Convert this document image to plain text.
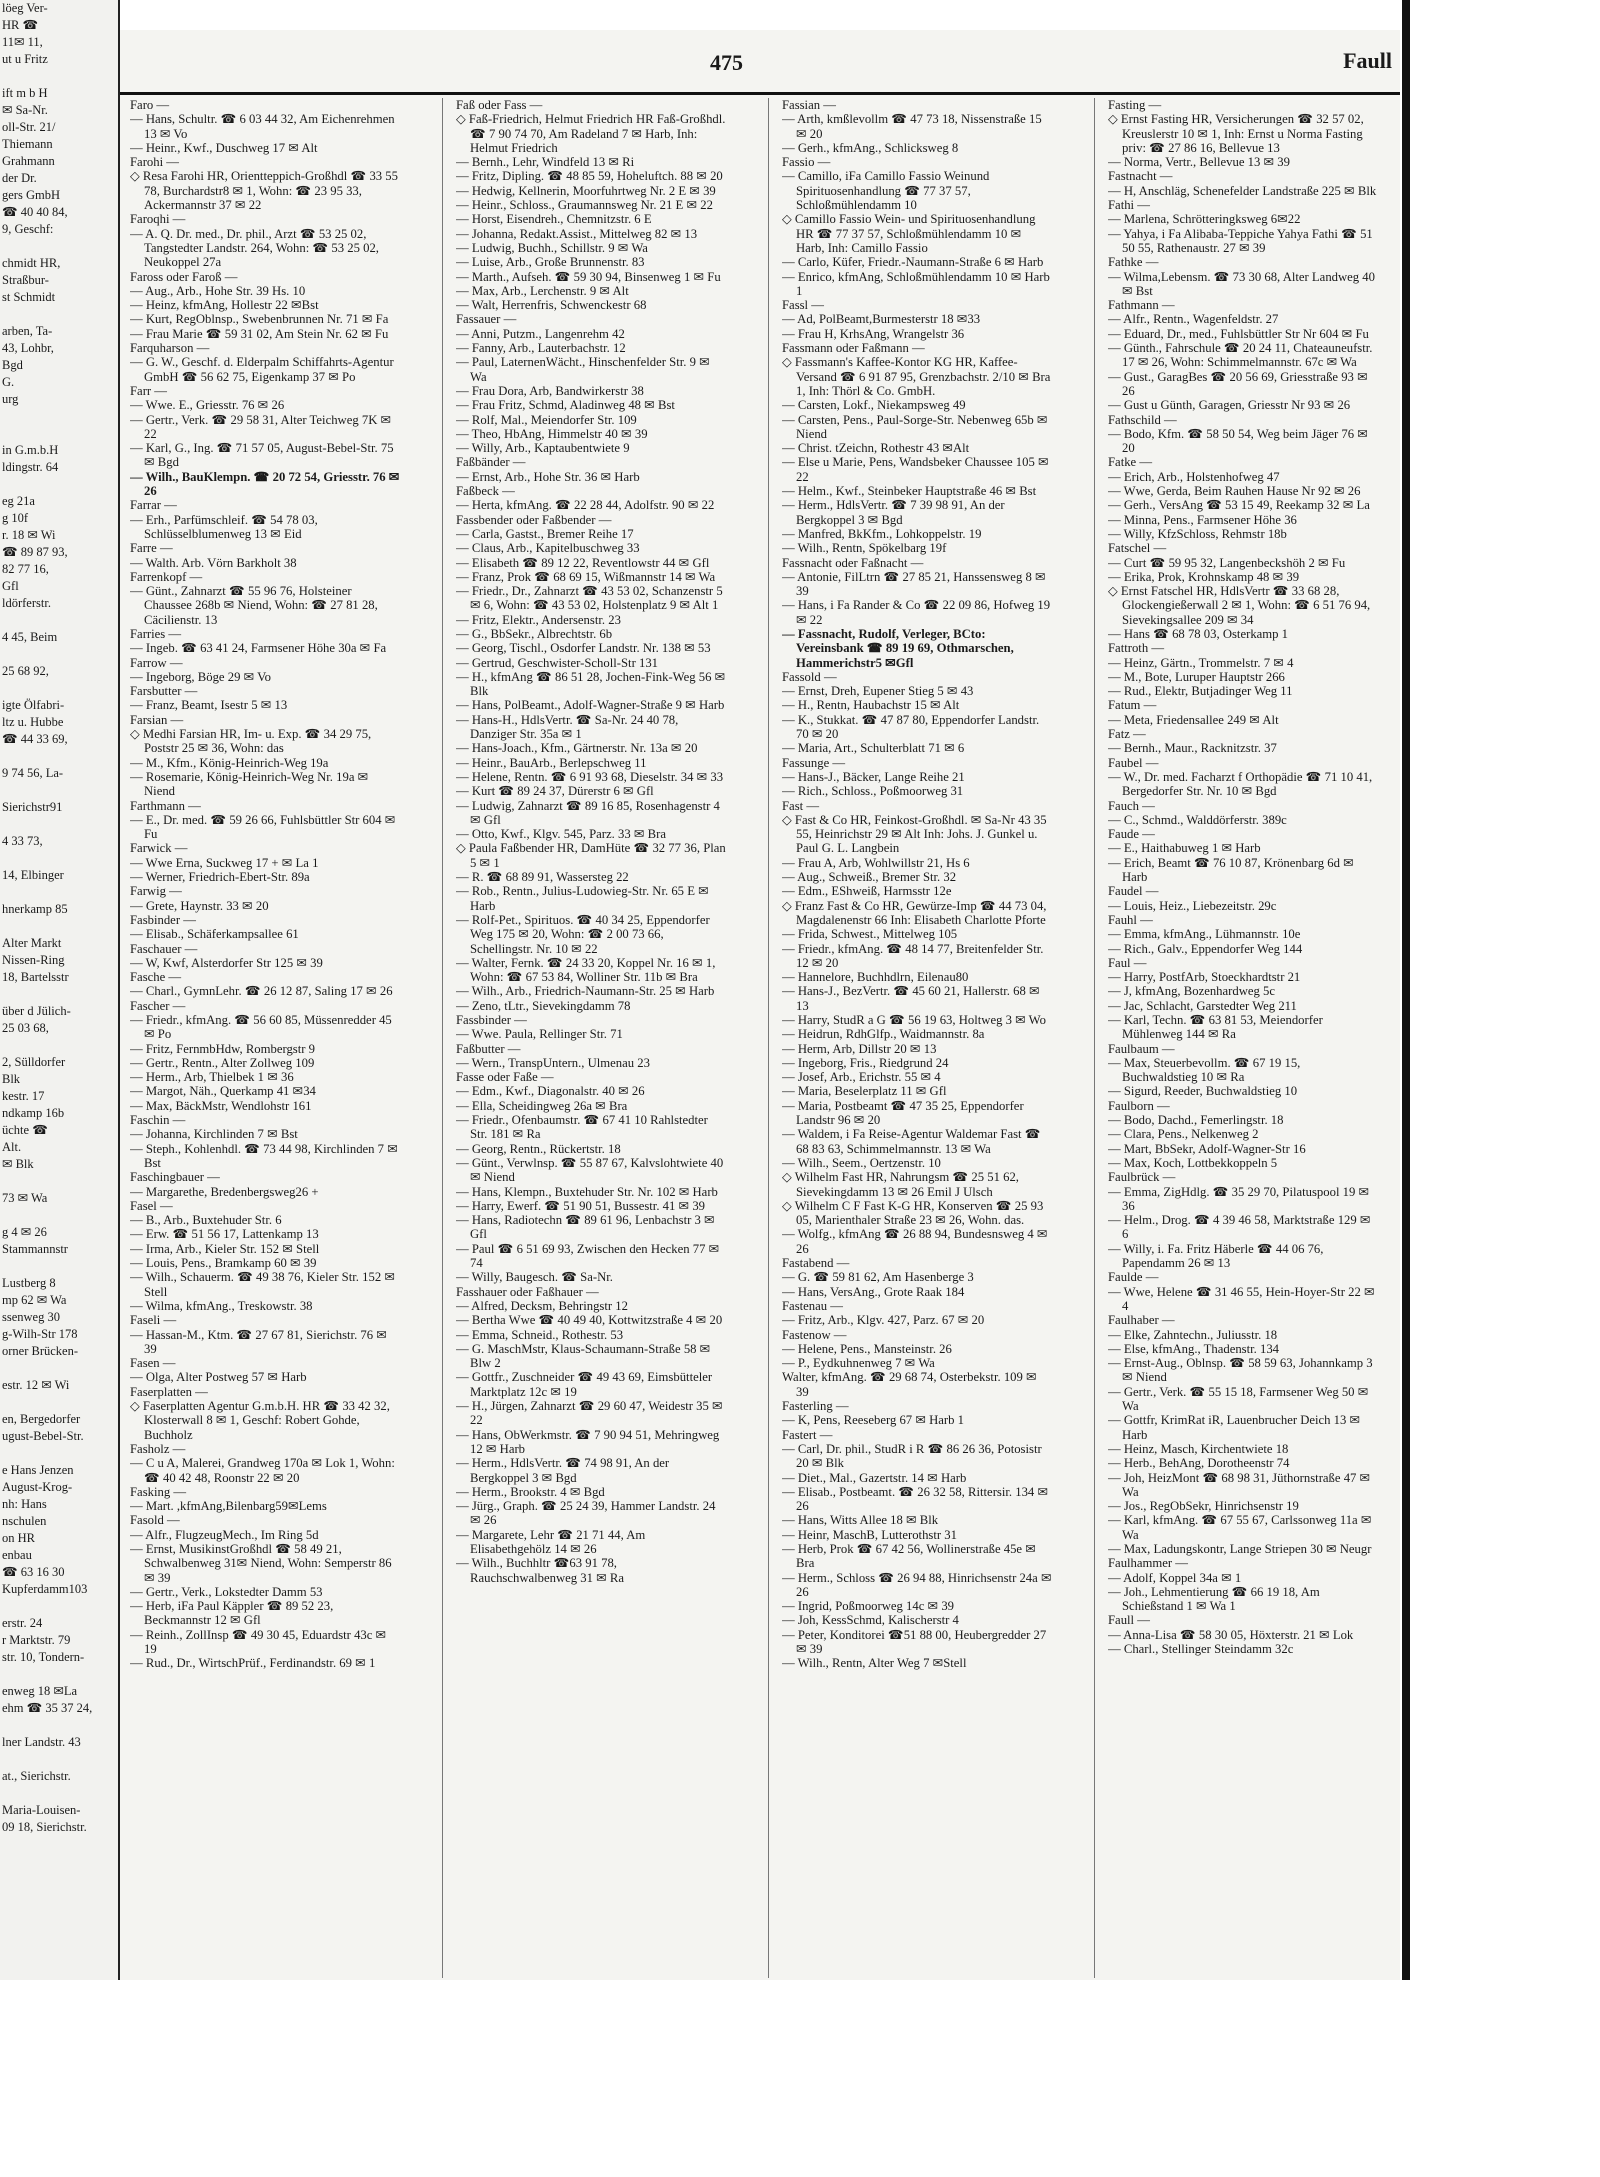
löeg Ver-
HR ☎
11✉ 11,
ut u Fritz

ift m b H
✉ Sa-Nr.
oll-Str. 21/
Thiemann
Grahmann
der Dr.
gers GmbH
☎ 40 40 84,
9, Geschf:

chmidt HR,
Straßbur-
st Schmidt

arben, Ta-
43, Lohbr,
Bgd
G.
urg

in G.m.b.H
ldingstr. 64

eg 21a
g 10f
r. 18 ✉ Wi
☎ 89 87 93,
82 77 16,
Gfl
ldörferstr.

4 45, Beim

25 68 92,

igte Ölfabri-
ltz u. Hubbe
☎ 44 33 69,

9 74 56, La-

Sierichstr91

4 33 73,

14, Elbinger

hnerkamp 85

Alter Markt
Nissen-Ring
18, Bartelsstr

über d Jülich-
25 03 68,

2, Sülldorfer
Blk
kestr. 17
ndkamp 16b
üchte ☎
Alt.
✉ Blk

73 ✉ Wa

g 4 ✉ 26
Stammannstr

Lustberg 8
mp 62 ✉ Wa
ssenweg 30
g-Wilh-Str 178
orner Brücken-

estr. 12 ✉ Wi

en, Bergedorfer
ugust-Bebel-Str.

e Hans Jenzen
August-Krog-
nh: Hans
nschulen
on HR
enbau
☎ 63 16 30
Kupferdamm103

erstr. 24
r Marktstr. 79
str. 10, Tondern-

enweg 18 ✉La
ehm ☎ 35 37 24,

lner Landstr. 43

at., Sierichstr.

Maria-Louisen-
09 18, Sierichstr.
475	Faull
Faro —
— Hans, Schultr. ☎ 6 03 44 32, Am Eichenrehmen 13 ✉ Vo
— Heinr., Kwf., Duschweg 17 ✉ Alt
Farohi —
◇ Resa Farohi HR, Orientteppich-Großhdl ☎ 33 55 78, Burchardstr8 ✉ 1, Wohn: ☎ 23 95 33, Ackermannstr 37 ✉ 22
Faroqhi —
— A. Q. Dr. med., Dr. phil., Arzt ☎ 53 25 02, Tangstedter Landstr. 264, Wohn: ☎ 53 25 02, Neukoppel 27a
Faross oder Faroß —
— Aug., Arb., Hohe Str. 39 Hs. 10
— Heinz, kfmAng, Hollestr 22 ✉Bst
— Kurt, RegOblnsp., Swebenbrunnen Nr. 71 ✉ Fa
— Frau Marie ☎ 59 31 02, Am Stein Nr. 62 ✉ Fu
Farquharson —
— G. W., Geschf. d. Elderpalm Schiffahrts-Agentur GmbH ☎ 56 62 75, Eigenkamp 37 ✉ Po
Farr —
— Wwe. E., Griesstr. 76 ✉ 26
— Gertr., Verk. ☎ 29 58 31, Alter Teichweg 7K ✉ 22
— Karl, G., Ing. ☎ 71 57 05, August-Bebel-Str. 75 ✉ Bgd
— Wilh., BauKlempn. ☎ 20 72 54, Griesstr. 76 ✉ 26
Farrar —
— Erh., Parfümschleif. ☎ 54 78 03, Schlüsselblumenweg 13 ✉ Eid
Farre —
— Walth. Arb. Vörn Barkholt 38
Farrenkopf —
— Günt., Zahnarzt ☎ 55 96 76, Holsteiner Chaussee 268b ✉ Niend, Wohn: ☎ 27 81 28, Cäcilienstr. 13
Farries —
— Ingeb. ☎ 63 41 24, Farmsener Höhe 30a ✉ Fa
Farrow —
— Ingeborg, Böge 29 ✉ Vo
Farsbutter —
— Franz, Beamt, Isestr 5 ✉ 13
Farsian —
◇ Medhi Farsian HR, Im- u. Exp. ☎ 34 29 75, Poststr 25 ✉ 36, Wohn: das
— M., Kfm., König-Heinrich-Weg 19a
— Rosemarie, König-Heinrich-Weg Nr. 19a ✉ Niend
Farthmann —
— E., Dr. med. ☎ 59 26 66, Fuhlsbüttler Str 604 ✉ Fu
Farwick —
— Wwe Erna, Suckweg 17 + ✉ La 1
— Werner, Friedrich-Ebert-Str. 89a
Farwig —
— Grete, Haynstr. 33 ✉ 20
Fasbinder —
— Elisab., Schäferkampsallee 61
Faschauer —
— W, Kwf, Alsterdorfer Str 125 ✉ 39
Fasche —
— Charl., GymnLehr. ☎ 26 12 87, Saling 17 ✉ 26
Fascher —
— Friedr., kfmAng. ☎ 56 60 85, Müssenredder 45 ✉ Po
— Fritz, FernmbHdw, Rombergstr 9
— Gertr., Rentn., Alter Zollweg 109
— Herm., Arb, Thielbek 1 ✉ 36
— Margot, Näh., Querkamp 41 ✉34
— Max, BäckMstr, Wendlohstr 161
Faschin —
— Johanna, Kirchlinden 7 ✉ Bst
— Steph., Kohlenhdl. ☎ 73 44 98, Kirchlinden 7 ✉ Bst
Faschingbauer —
— Margarethe, Bredenbergsweg26 +
Fasel —
— B., Arb., Buxtehuder Str. 6
— Erw. ☎ 51 56 17, Lattenkamp 13
— Irma, Arb., Kieler Str. 152 ✉ Stell
— Louis, Pens., Bramkamp 60 ✉ 39
— Wilh., Schauerm. ☎ 49 38 76, Kieler Str. 152 ✉ Stell
— Wilma, kfmAng., Treskowstr. 38
Faseli —
— Hassan-M., Ktm. ☎ 27 67 81, Sierichstr. 76 ✉ 39
Fasen —
— Olga, Alter Postweg 57 ✉ Harb
Faserplatten —
◇ Faserplatten Agentur G.m.b.H. HR ☎ 33 42 32, Klosterwall 8 ✉ 1, Geschf: Robert Gohde, Buchholz
Fasholz —
— C u A, Malerei, Grandweg 170a ✉ Lok 1, Wohn: ☎ 40 42 48, Roonstr 22 ✉ 20
Fasking —
— Mart. ,kfmAng,Bilenbarg59✉Lems
Fasold —
— Alfr., FlugzeugMech., Im Ring 5d
— Ernst, MusikinstGroßhdl ☎ 58 49 21, Schwalbenweg 31✉ Niend, Wohn: Semperstr 86 ✉ 39
— Gertr., Verk., Lokstedter Damm 53
— Herb, iFa Paul Käppler ☎ 89 52 23, Beckmannstr 12 ✉ Gfl
— Reinh., ZollInsp ☎ 49 30 45, Eduardstr 43c ✉ 19
— Rud., Dr., WirtschPrüf., Ferdinandstr. 69 ✉ 1
Faß oder Fass —
◇ Faß-Friedrich, Helmut Friedrich HR Faß-Großhdl. ☎ 7 90 74 70, Am Radeland 7 ✉ Harb, Inh: Helmut Friedrich
— Bernh., Lehr, Windfeld 13 ✉ Ri
— Fritz, Dipling. ☎ 48 85 59, Hoheluftch. 88 ✉ 20
— Hedwig, Kellnerin, Moorfuhrtweg Nr. 2 E ✉ 39
— Heinr., Schloss., Graumannsweg Nr. 21 E ✉ 22
— Horst, Eisendreh., Chemnitzstr. 6 E
— Johanna, Redakt.Assist., Mittelweg 82 ✉ 13
— Ludwig, Buchh., Schillstr. 9 ✉ Wa
— Luise, Arb., Große Brunnenstr. 83
— Marth., Aufseh. ☎ 59 30 94, Binsenweg 1 ✉ Fu
— Max, Arb., Lerchenstr. 9 ✉ Alt
— Walt, Herrenfris, Schwenckestr 68
Fassauer —
— Anni, Putzm., Langenrehm 42
— Fanny, Arb., Lauterbachstr. 12
— Paul, LaternenWächt., Hinschenfelder Str. 9 ✉ Wa
— Frau Dora, Arb, Bandwirkerstr 38
— Frau Fritz, Schmd, Aladinweg 48 ✉ Bst
— Rolf, Mal., Meiendorfer Str. 109
— Theo, HbAng, Himmelstr 40 ✉ 39
— Willy, Arb., Kaptaubentwiete 9
Faßbänder —
— Ernst, Arb., Hohe Str. 36 ✉ Harb
Faßbeck —
— Herta, kfmAng. ☎ 22 28 44, Adolfstr. 90 ✉ 22
Fassbender oder Faßbender —
— Carla, Gastst., Bremer Reihe 17
— Claus, Arb., Kapitelbuschweg 33
— Elisabeth ☎ 89 12 22, Reventlowstr 44 ✉ Gfl
— Franz, Prok ☎ 68 69 15, Wißmannstr 14 ✉ Wa
— Friedr., Dr., Zahnarzt ☎ 43 53 02, Schanzenstr 5 ✉ 6, Wohn: ☎ 43 53 02, Holstenplatz 9 ✉ Alt 1
— Fritz, Elektr., Andersenstr. 23
— G., BbSekr., Albrechtstr. 6b
— Georg, Tischl., Osdorfer Landstr. Nr. 138 ✉ 53
— Gertrud, Geschwister-Scholl-Str 131
— H., kfmAng ☎ 86 51 28, Jochen-Fink-Weg 56 ✉ Blk
— Hans, PolBeamt., Adolf-Wagner-Straße 9 ✉ Harb
— Hans-H., HdlsVertr. ☎ Sa-Nr. 24 40 78, Danziger Str. 35a ✉ 1
— Hans-Joach., Kfm., Gärtnerstr. Nr. 13a ✉ 20
— Heinr., BauArb., Berlepschweg 11
— Helene, Rentn. ☎ 6 91 93 68, Dieselstr. 34 ✉ 33
— Kurt ☎ 89 24 37, Dürerstr 6 ✉ Gfl
— Ludwig, Zahnarzt ☎ 89 16 85, Rosenhagenstr 4 ✉ Gfl
— Otto, Kwf., Klgv. 545, Parz. 33 ✉ Bra
◇ Paula Faßbender HR, DamHüte ☎ 32 77 36, Plan 5 ✉ 1
— R. ☎ 68 89 91, Wassersteg 22
— Rob., Rentn., Julius-Ludowieg-Str. Nr. 65 E ✉ Harb
— Rolf-Pet., Spirituos. ☎ 40 34 25, Eppendorfer Weg 175 ✉ 20, Wohn: ☎ 2 00 73 66, Schellingstr. Nr. 10 ✉ 22
— Walter, Fernk. ☎ 24 33 20, Koppel Nr. 16 ✉ 1, Wohn: ☎ 67 53 84, Wolliner Str. 11b ✉ Bra
— Wilh., Arb., Friedrich-Naumann-Str. 25 ✉ Harb
— Zeno, tLtr., Sievekingdamm 78
Fassbinder —
— Wwe. Paula, Rellinger Str. 71
Faßbutter —
— Wern., TranspUntern., Ulmenau 23
Fasse oder Faße —
— Edm., Kwf., Diagonalstr. 40 ✉ 26
— Ella, Scheidingweg 26a ✉ Bra
— Friedr., Ofenbaumstr. ☎ 67 41 10 Rahlstedter Str. 181 ✉ Ra
— Georg, Rentn., Rückertstr. 18
— Günt., Verwlnsp. ☎ 55 87 67, Kalvslohtwiete 40 ✉ Niend
— Hans, Klempn., Buxtehuder Str. Nr. 102 ✉ Harb
— Harry, Ewerf. ☎ 51 90 51, Bussestr. 41 ✉ 39
— Hans, Radiotechn ☎ 89 61 96, Lenbachstr 3 ✉ Gfl
— Paul ☎ 6 51 69 93, Zwischen den Hecken 77 ✉ 74
— Willy, Baugesch. ☎ Sa-Nr.
Fasshauer oder Faßhauer —
— Alfred, Decksm, Behringstr 12
— Bertha Wwe ☎ 40 49 40, Kottwitzstraße 4 ✉ 20
— Emma, Schneid., Rothestr. 53
— G. MaschMstr, Klaus-Schaumann-Straße 58 ✉ Blw 2
— Gottfr., Zuschneider ☎ 49 43 69, Eimsbütteler Marktplatz 12c ✉ 19
— H., Jürgen, Zahnarzt ☎ 29 60 47, Weidestr 35 ✉ 22
— Hans, ObWerkmstr. ☎ 7 90 94 51, Mehringweg 12 ✉ Harb
— Herm., HdlsVertr. ☎ 74 98 91, An der Bergkoppel 3 ✉ Bgd
— Herm., Brookstr. 4 ✉ Bgd
— Jürg., Graph. ☎ 25 24 39, Hammer Landstr. 24 ✉ 26
— Margarete, Lehr ☎ 21 71 44, Am Elisabethgehölz 14 ✉ 26
— Wilh., Buchhltr ☎63 91 78, Rauchschwalbenweg 31 ✉ Ra
Fassian —
— Arth, kmßlevollm ☎ 47 73 18, Nissenstraße 15 ✉ 20
— Gerh., kfmAng., Schlicksweg 8
Fassio —
— Camillo, iFa Camillo Fassio Weinund Spirituosenhandlung ☎ 77 37 57, Schloßmühlendamm 10
◇ Camillo Fassio Wein- und Spirituosenhandlung HR ☎ 77 37 57, Schloßmühlendamm 10 ✉ Harb, Inh: Camillo Fassio
— Carlo, Küfer, Friedr.-Naumann-Straße 6 ✉ Harb
— Enrico, kfmAng, Schloßmühlendamm 10 ✉ Harb 1
Fassl —
— Ad, PolBeamt,Burmesterstr 18 ✉33
— Frau H, KrhsAng, Wrangelstr 36
Fassmann oder Faßmann —
◇ Fassmann's Kaffee-Kontor KG HR, Kaffee-Versand ☎ 6 91 87 95, Grenzbachstr. 2/10 ✉ Bra 1, Inh: Thörl & Co. GmbH.
— Carsten, Lokf., Niekampsweg 49
— Carsten, Pens., Paul-Sorge-Str. Nebenweg 65b ✉ Niend
— Christ. tZeichn, Rothestr 43 ✉Alt
— Else u Marie, Pens, Wandsbeker Chaussee 105 ✉ 22
— Helm., Kwf., Steinbeker Hauptstraße 46 ✉ Bst
— Herm., HdlsVertr. ☎ 7 39 98 91, An der Bergkoppel 3 ✉ Bgd
— Manfred, BkKfm., Lohkoppelstr. 19
— Wilh., Rentn, Spökelbarg 19f
Fassnacht oder Faßnacht —
— Antonie, FilLtrn ☎ 27 85 21, Hanssensweg 8 ✉ 39
— Hans, i Fa Rander & Co ☎ 22 09 86, Hofweg 19 ✉ 22
— Fassnacht, Rudolf, Verleger, BCto: Vereinsbank ☎ 89 19 69, Othmarschen, Hammerichstr5 ✉Gfl
Fassold —
— Ernst, Dreh, Eupener Stieg 5 ✉ 43
— H., Rentn, Haubachstr 15 ✉ Alt
— K., Stukkat. ☎ 47 87 80, Eppendorfer Landstr. 70 ✉ 20
— Maria, Art., Schulterblatt 71 ✉ 6
Fassunge —
— Hans-J., Bäcker, Lange Reihe 21
— Rich., Schloss., Poßmoorweg 31
Fast —
◇ Fast & Co HR, Feinkost-Großhdl. ✉ Sa-Nr 43 35 55, Heinrichstr 29 ✉ Alt Inh: Johs. J. Gunkel u. Paul G. L. Langbein
— Frau A, Arb, Wohlwillstr 21, Hs 6
— Aug., Schweiß., Bremer Str. 32
— Edm., EShweiß, Harmsstr 12e
◇ Franz Fast & Co HR, Gewürze-Imp ☎ 44 73 04, Magdalenenstr 66 Inh: Elisabeth Charlotte Pforte
— Frida, Schwest., Mittelweg 105
— Friedr., kfmAng. ☎ 48 14 77, Breitenfelder Str. 12 ✉ 20
— Hannelore, Buchhdlrn, Eilenau80
— Hans-J., BezVertr. ☎ 45 60 21, Hallerstr. 68 ✉ 13
— Harry, StudR a G ☎ 56 19 63, Holtweg 3 ✉ Wo
— Heidrun, RdhGlfp., Waidmannstr. 8a
— Herm, Arb, Dillstr 20 ✉ 13
— Ingeborg, Fris., Riedgrund 24
— Josef, Arb., Erichstr. 55 ✉ 4
— Maria, Beselerplatz 11 ✉ Gfl
— Maria, Postbeamt ☎ 47 35 25, Eppendorfer Landstr 96 ✉ 20
— Waldem, i Fa Reise-Agentur Waldemar Fast ☎ 68 83 63, Schimmelmannstr. 13 ✉ Wa
— Wilh., Seem., Oertzenstr. 10
◇ Wilhelm Fast HR, Nahrungsm ☎ 25 51 62, Sievekingdamm 13 ✉ 26 Emil J Ulsch
◇ Wilhelm C F Fast K-G HR, Konserven ☎ 25 93 05, Marienthaler Straße 23 ✉ 26, Wohn. das.
— Wolfg., kfmAng ☎ 26 88 94, Bundesnsweg 4 ✉ 26
Fastabend —
— G. ☎ 59 81 62, Am Hasenberge 3
— Hans, VersAng., Grote Raak 184
Fastenau —
— Fritz, Arb., Klgv. 427, Parz. 67 ✉ 20
Fastenow —
— Helene, Pens., Mansteinstr. 26
— P., Eydkuhnenweg 7 ✉ Wa
Walter, kfmAng. ☎ 29 68 74, Osterbekstr. 109 ✉ 39
Fasterling —
— K, Pens, Reeseberg 67 ✉ Harb 1
Fastert —
— Carl, Dr. phil., StudR i R ☎ 86 26 36, Potosistr 20 ✉ Blk
— Diet., Mal., Gazertstr. 14 ✉ Harb
— Elisab., Postbeamt. ☎ 26 32 58, Rittersir. 134 ✉ 26
— Hans, Witts Allee 18 ✉ Blk
— Heinr, MaschB, Lutterothstr 31
— Herb, Prok ☎ 67 42 56, Wollinerstraße 45e ✉ Bra
— Herm., Schloss ☎ 26 94 88, Hinrichsenstr 24a ✉ 26
— Ingrid, Poßmoorweg 14c ✉ 39
— Joh, KessSchmd, Kalischerstr 4
— Peter, Konditorei ☎51 88 00, Heubergredder 27 ✉ 39
— Wilh., Rentn, Alter Weg 7 ✉Stell
Fasting —
◇ Ernst Fasting HR, Versicherungen ☎ 32 57 02, Kreuslerstr 10 ✉ 1, Inh: Ernst u Norma Fasting priv: ☎ 27 86 16, Bellevue 13
— Norma, Vertr., Bellevue 13 ✉ 39
Fastnacht —
— H, Anschläg, Schenefelder Landstraße 225 ✉ Blk
Fathi —
— Marlena, Schrötteringksweg 6✉22
— Yahya, i Fa Alibaba-Teppiche Yahya Fathi ☎ 51 50 55, Rathenaustr. 27 ✉ 39
Fathke —
— Wilma,Lebensm. ☎ 73 30 68, Alter Landweg 40 ✉ Bst
Fathmann —
— Alfr., Rentn., Wagenfeldstr. 27
— Eduard, Dr., med., Fuhlsbüttler Str Nr 604 ✉ Fu
— Günth., Fahrschule ☎ 20 24 11, Chateauneufstr. 17 ✉ 26, Wohn: Schimmelmannstr. 67c ✉ Wa
— Gust., GaragBes ☎ 20 56 69, Griesstraße 93 ✉ 26
— Gust u Günth, Garagen, Griesstr Nr 93 ✉ 26
Fathschild —
— Bodo, Kfm. ☎ 58 50 54, Weg beim Jäger 76 ✉ 20
Fatke —
— Erich, Arb., Holstenhofweg 47
— Wwe, Gerda, Beim Rauhen Hause Nr 92 ✉ 26
— Gerh., VersAng ☎ 53 15 49, Reekamp 32 ✉ La
— Minna, Pens., Farmsener Höhe 36
— Willy, KfzSchloss, Rehmstr 18b
Fatschel —
— Curt ☎ 59 95 32, Langenbeckshöh 2 ✉ Fu
— Erika, Prok, Krohnskamp 48 ✉ 39
◇ Ernst Fatschel HR, HdlsVertr ☎ 33 68 28, Glockengießerwall 2 ✉ 1, Wohn: ☎ 6 51 76 94, Sievekingsallee 209 ✉ 34
— Hans ☎ 68 78 03, Osterkamp 1
Fattroth —
— Heinz, Gärtn., Trommelstr. 7 ✉ 4
— M., Bote, Luruper Hauptstr 266
— Rud., Elektr, Butjadinger Weg 11
Fatum —
— Meta, Friedensallee 249 ✉ Alt
Fatz —
— Bernh., Maur., Racknitzstr. 37
Faubel —
— W., Dr. med. Facharzt f Orthopädie ☎ 71 10 41, Bergedorfer Str. Nr. 10 ✉ Bgd
Fauch —
— C., Schmd., Walddörferstr. 389c
Faude —
— E., Haithabuweg 1 ✉ Harb
— Erich, Beamt ☎ 76 10 87, Krönenbarg 6d ✉ Harb
Faudel —
— Louis, Heiz., Liebezeitstr. 29c
Fauhl —
— Emma, kfmAng., Lühmannstr. 10e
— Rich., Galv., Eppendorfer Weg 144
Faul —
— Harry, PostfArb, Stoeckhardtstr 21
— J, kfmAng, Bozenhardweg 5c
— Jac, Schlacht, Garstedter Weg 211
— Karl, Techn. ☎ 63 81 53, Meiendorfer Mühlenweg 144 ✉ Ra
Faulbaum —
— Max, Steuerbevollm. ☎ 67 19 15, Buchwaldstieg 10 ✉ Ra
— Sigurd, Reeder, Buchwaldstieg 10
Faulborn —
— Bodo, Dachd., Femerlingstr. 18
— Clara, Pens., Nelkenweg 2
— Mart, BbSekr, Adolf-Wagner-Str 16
— Max, Koch, Lottbekkoppeln 5
Faulbrück —
— Emma, ZigHdlg. ☎ 35 29 70, Pilatuspool 19 ✉ 36
— Helm., Drog. ☎ 4 39 46 58, Marktstraße 129 ✉ 6
— Willy, i. Fa. Fritz Häberle ☎ 44 06 76, Papendamm 26 ✉ 13
Faulde —
— Wwe, Helene ☎ 31 46 55, Hein-Hoyer-Str 22 ✉4
Faulhaber —
— Elke, Zahntechn., Juliusstr. 18
— Else, kfmAng., Thadenstr. 134
— Ernst-Aug., Oblnsp. ☎ 58 59 63, Johannkamp 3 ✉ Niend
— Gertr., Verk. ☎ 55 15 18, Farmsener Weg 50 ✉ Wa
— Gottfr, KrimRat iR, Lauenbrucher Deich 13 ✉ Harb
— Heinz, Masch, Kirchentwiete 18
— Herb., BehAng, Dorotheenstr 74
— Joh, HeizMont ☎ 68 98 31, Jüthornstraße 47 ✉ Wa
— Jos., RegObSekr, Hinrichsenstr 19
— Karl, kfmAng. ☎ 67 55 67, Carlssonweg 11a ✉ Wa
— Max, Ladungskontr, Lange Striepen 30 ✉ Neugr
Faulhammer —
— Adolf, Koppel 34a ✉ 1
— Joh., Lehmentierung ☎ 66 19 18, Am Schießstand 1 ✉ Wa 1
Faull —
— Anna-Lisa ☎ 58 30 05, Höxterstr. 21 ✉ Lok
— Charl., Stellinger Steindamm 32c
